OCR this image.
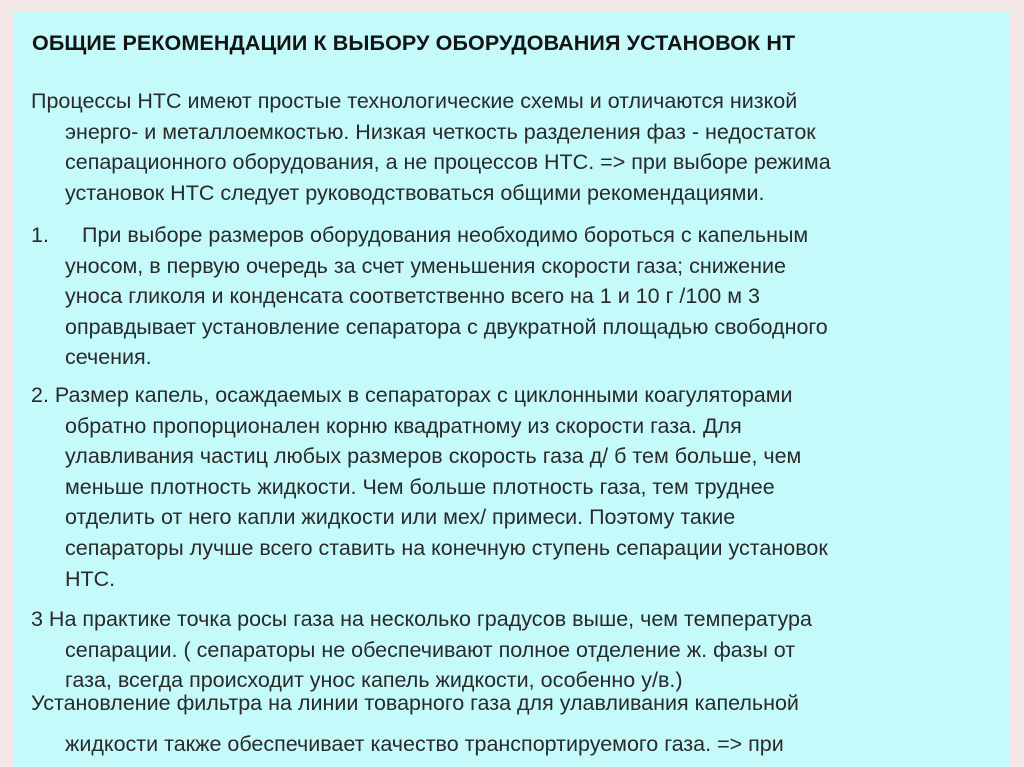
ОБЩИЕ РЕКОМЕНДАЦИИ К ВЫБОРУ ОБОРУДОВАНИЯ УСТАНОВОК НТ
Процессы НТС имеют простые технологические схемы и отличаются низкой
энерго- и металлоемкостью. Низкая четкость разделения фаз - недостаток
сепарационного оборудования, а не процессов НТС. => при выборе режима
установок НТС следует руководствоваться общими рекомендациями.
1. При выборе размеров оборудования необходимо бороться с капельным
уносом, в первую очередь за счет уменьшения скорости газа; снижение
уноса гликоля и конденсата соответственно всего на 1 и 10 г /100 м 3
оправдывает установление сепаратора с двукратной площадью свободного
сечения.
2. Размер капель, осаждаемых в сепараторах с циклонными коагуляторами
обратно пропорционален корню квадратному из скорости газа. Для
улавливания частиц любых размеров скорость газа д/ б тем больше, чем
меньше плотность жидкости. Чем больше плотность газа, тем труднее
отделить от него капли жидкости или мех/ примеси. Поэтому такие
сепараторы лучше всего ставить на конечную ступень сепарации установок
НТС.
3 На практике точка росы газа на несколько градусов выше, чем температура
сепарации. ( сепараторы не обеспечивают полное отделение ж. фазы от
газа, всегда происходит унос капель жидкости, особенно у/в.)
Установление фильтра на линии товарного газа для улавливания капельной
жидкости также обеспечивает качество транспортируемого газа. => при
